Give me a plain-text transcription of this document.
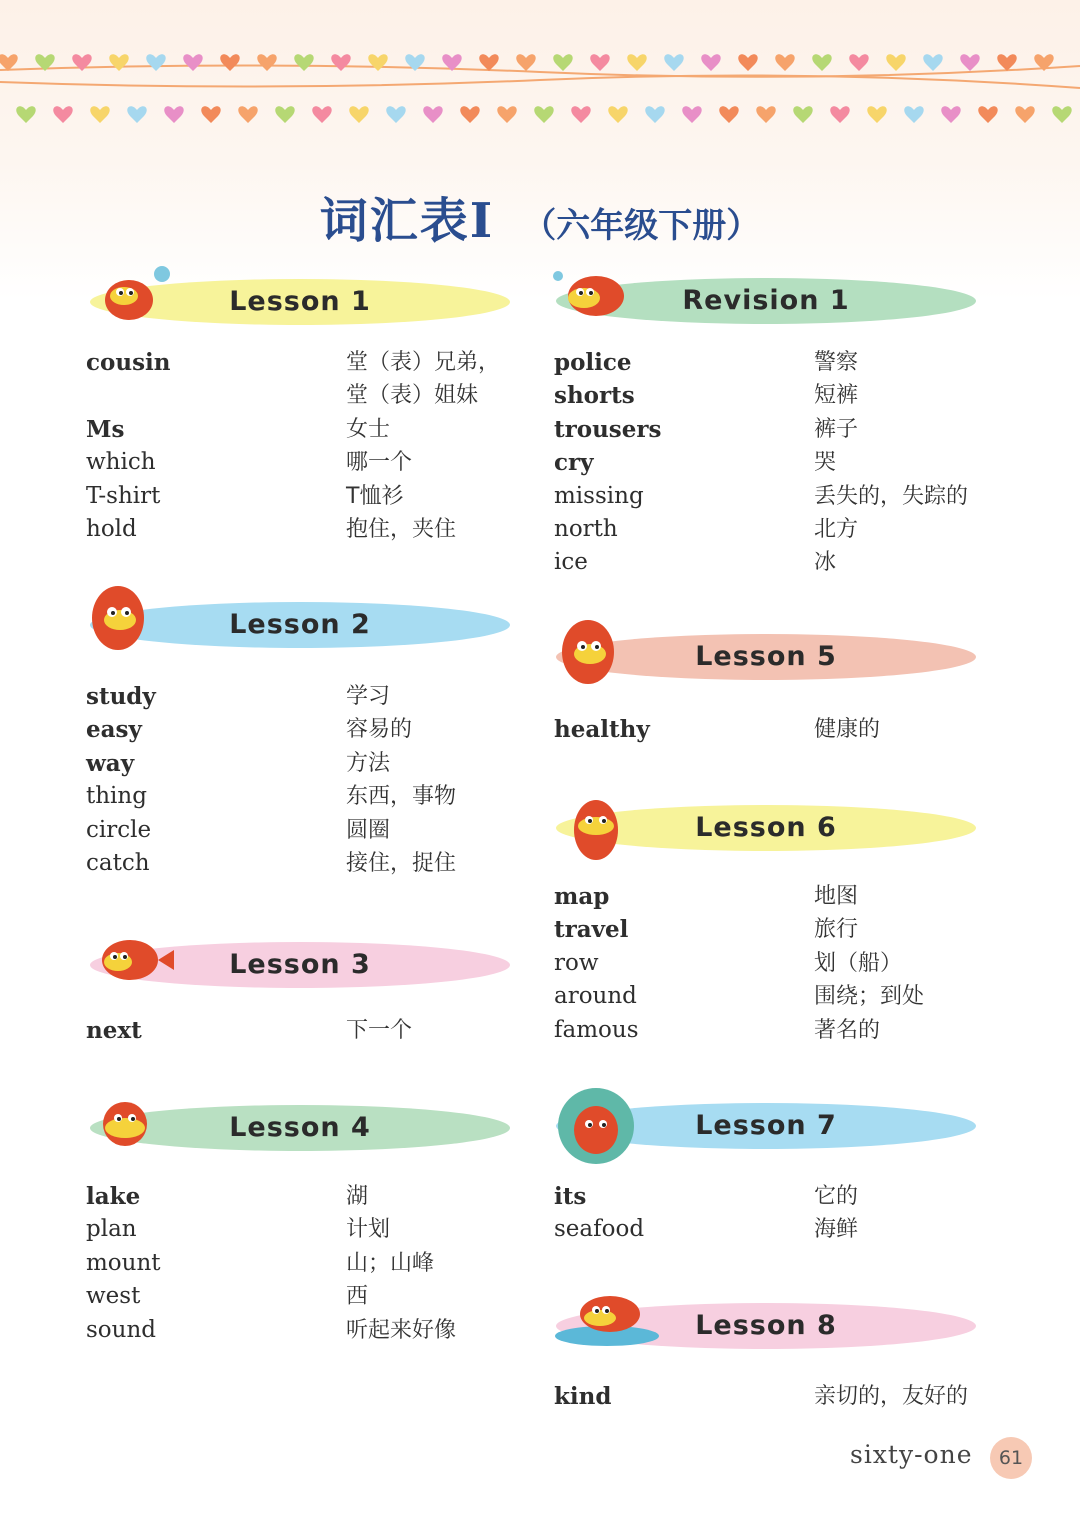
词汇表Ⅰ （六年级下册）
Lesson 1
cousin	堂（表）兄弟，
堂（表）姐妹
Ms	女士
which	哪一个
T-shirt	T恤衫
hold	抱住，夹住
Lesson 2
study	学习
easy	容易的
way	方法
thing	东西，事物
circle	圆圈
catch	接住，捉住
Lesson 3
next	下一个
Lesson 4
lake	湖
plan	计划
mount	山；山峰
west	西
sound	听起来好像
Revision 1
police	警察
shorts	短裤
trousers	裤子
cry	哭
missing	丢失的，失踪的
north	北方
ice	冰
Lesson 5
healthy	健康的
Lesson 6
map	地图
travel	旅行
row	划（船）
around	围绕；到处
famous	著名的
Lesson 7
its	它的
seafood	海鲜
Lesson 8
kind	亲切的，友好的
sixty-one	61
